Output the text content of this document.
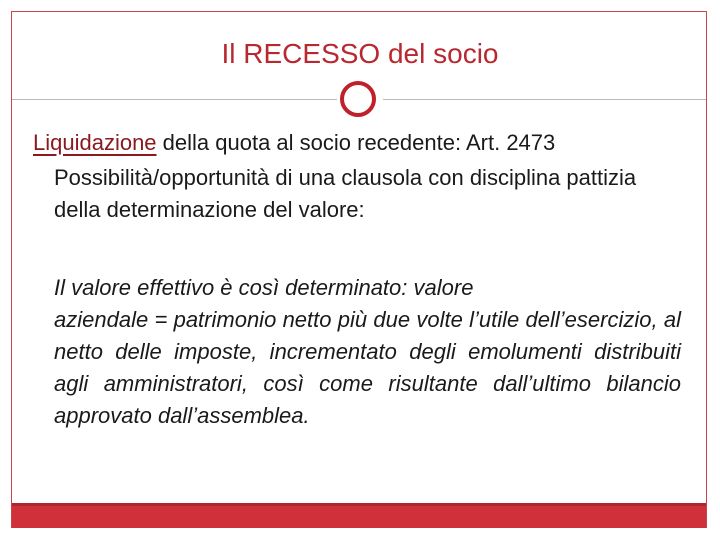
Il RECESSO del socio
Liquidazione della quota al socio recedente: Art. 2473

Possibilità/opportunità di una clausola con disciplina pattizia della determinazione del valore:

Il valore effettivo è così determinato: valore
aziendale = patrimonio netto più due volte l’utile dell’esercizio, al netto delle imposte, incrementato degli emolumenti distribuiti agli amministratori, così come risultante dall’ultimo bilancio approvato dall’assemblea.
